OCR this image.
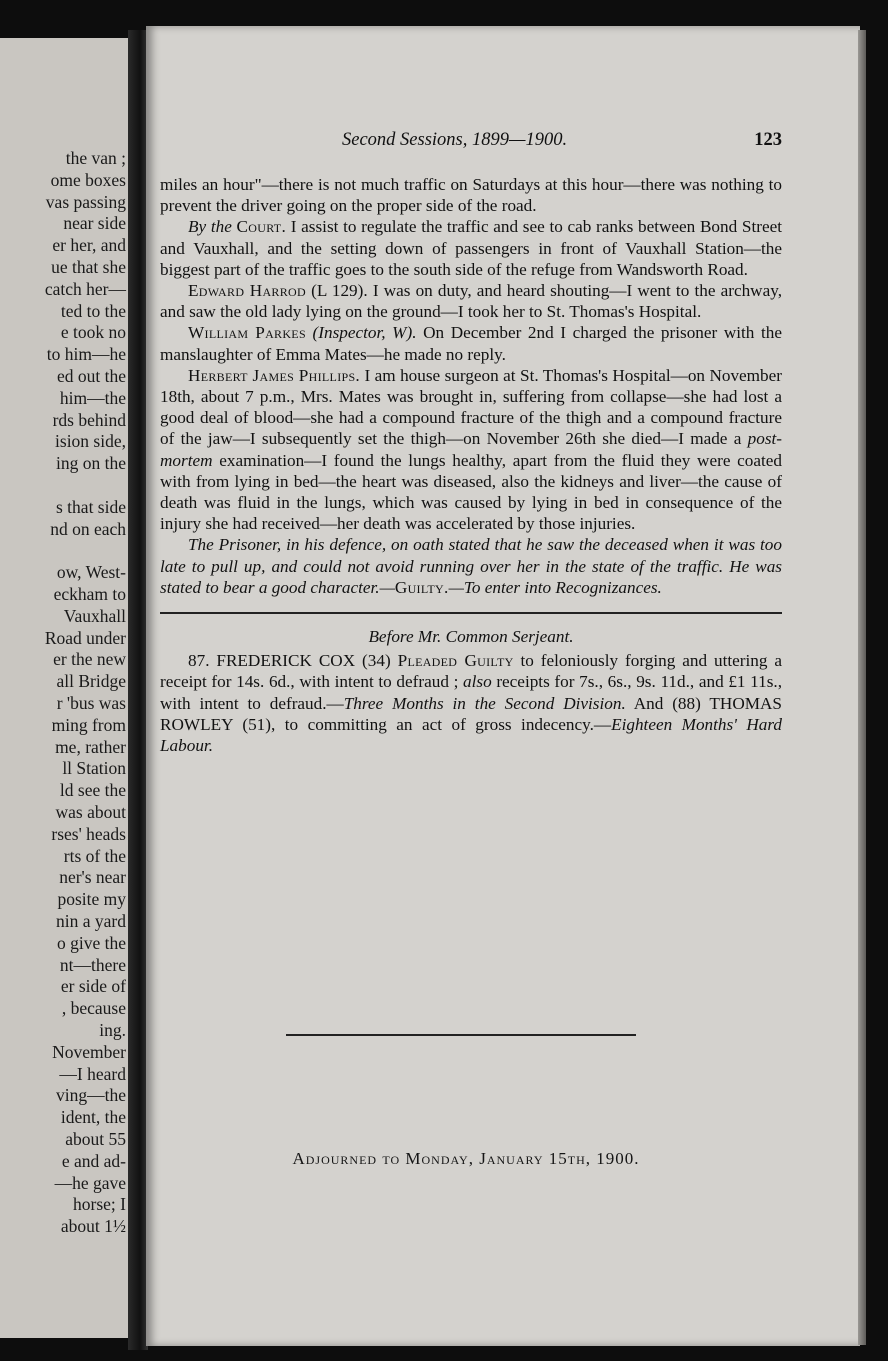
the van ;
ome boxes
vas passing
near side
er her, and
ue that she
catch her—
ted to the
e took no
to him—he
ed out the
him—the
rds behind
ision side,
ing on the
s that side
nd on each
ow, West-
eckham to
Vauxhall
Road under
er the new
all Bridge
r 'bus was
ming from
me, rather
ll Station
ld see the
was about
rses' heads
rts of the
ner's near
posite my
nin a yard
o give the
nt—there
er side of
, because
ing.
November
—I heard
ving—the
ident, the
about 55
e and ad-
—he gave
horse; I
about 1½
Second Sessions, 1899—1900.	123

miles an hour"—there is not much traffic on Saturdays at this hour—there was nothing to prevent the driver going on the proper side of the road.

By the Court. I assist to regulate the traffic and see to cab ranks between Bond Street and Vauxhall, and the setting down of passengers in front of Vauxhall Station—the biggest part of the traffic goes to the south side of the refuge from Wandsworth Road.

Edward Harrod (L 129). I was on duty, and heard shouting—I went to the archway, and saw the old lady lying on the ground—I took her to St. Thomas's Hospital.

William Parkes (Inspector, W). On December 2nd I charged the prisoner with the manslaughter of Emma Mates—he made no reply.

Herbert James Phillips. I am house surgeon at St. Thomas's Hospital—on November 18th, about 7 p.m., Mrs. Mates was brought in, suffering from collapse—she had lost a good deal of blood—she had a compound fracture of the thigh and a compound fracture of the jaw—I subsequently set the thigh—on November 26th she died—I made a post-mortem examination—I found the lungs healthy, apart from the fluid they were coated with from lying in bed—the heart was diseased, also the kidneys and liver—the cause of death was fluid in the lungs, which was caused by lying in bed in consequence of the injury she had received—her death was accelerated by those injuries.

The Prisoner, in his defence, on oath stated that he saw the deceased when it was too late to pull up, and could not avoid running over her in the state of the traffic. He was stated to bear a good character.—Guilty.—To enter into Recognizances.

Before Mr. Common Serjeant.

87. FREDERICK COX (34) Pleaded Guilty to feloniously forging and uttering a receipt for 14s. 6d., with intent to defraud ; also receipts for 7s., 6s., 9s. 11d., and £1 11s., with intent to defraud.—Three Months in the Second Division. And (88) THOMAS ROWLEY (51), to committing an act of gross indecency.—Eighteen Months' Hard Labour.

Adjourned to Monday, January 15th, 1900.
